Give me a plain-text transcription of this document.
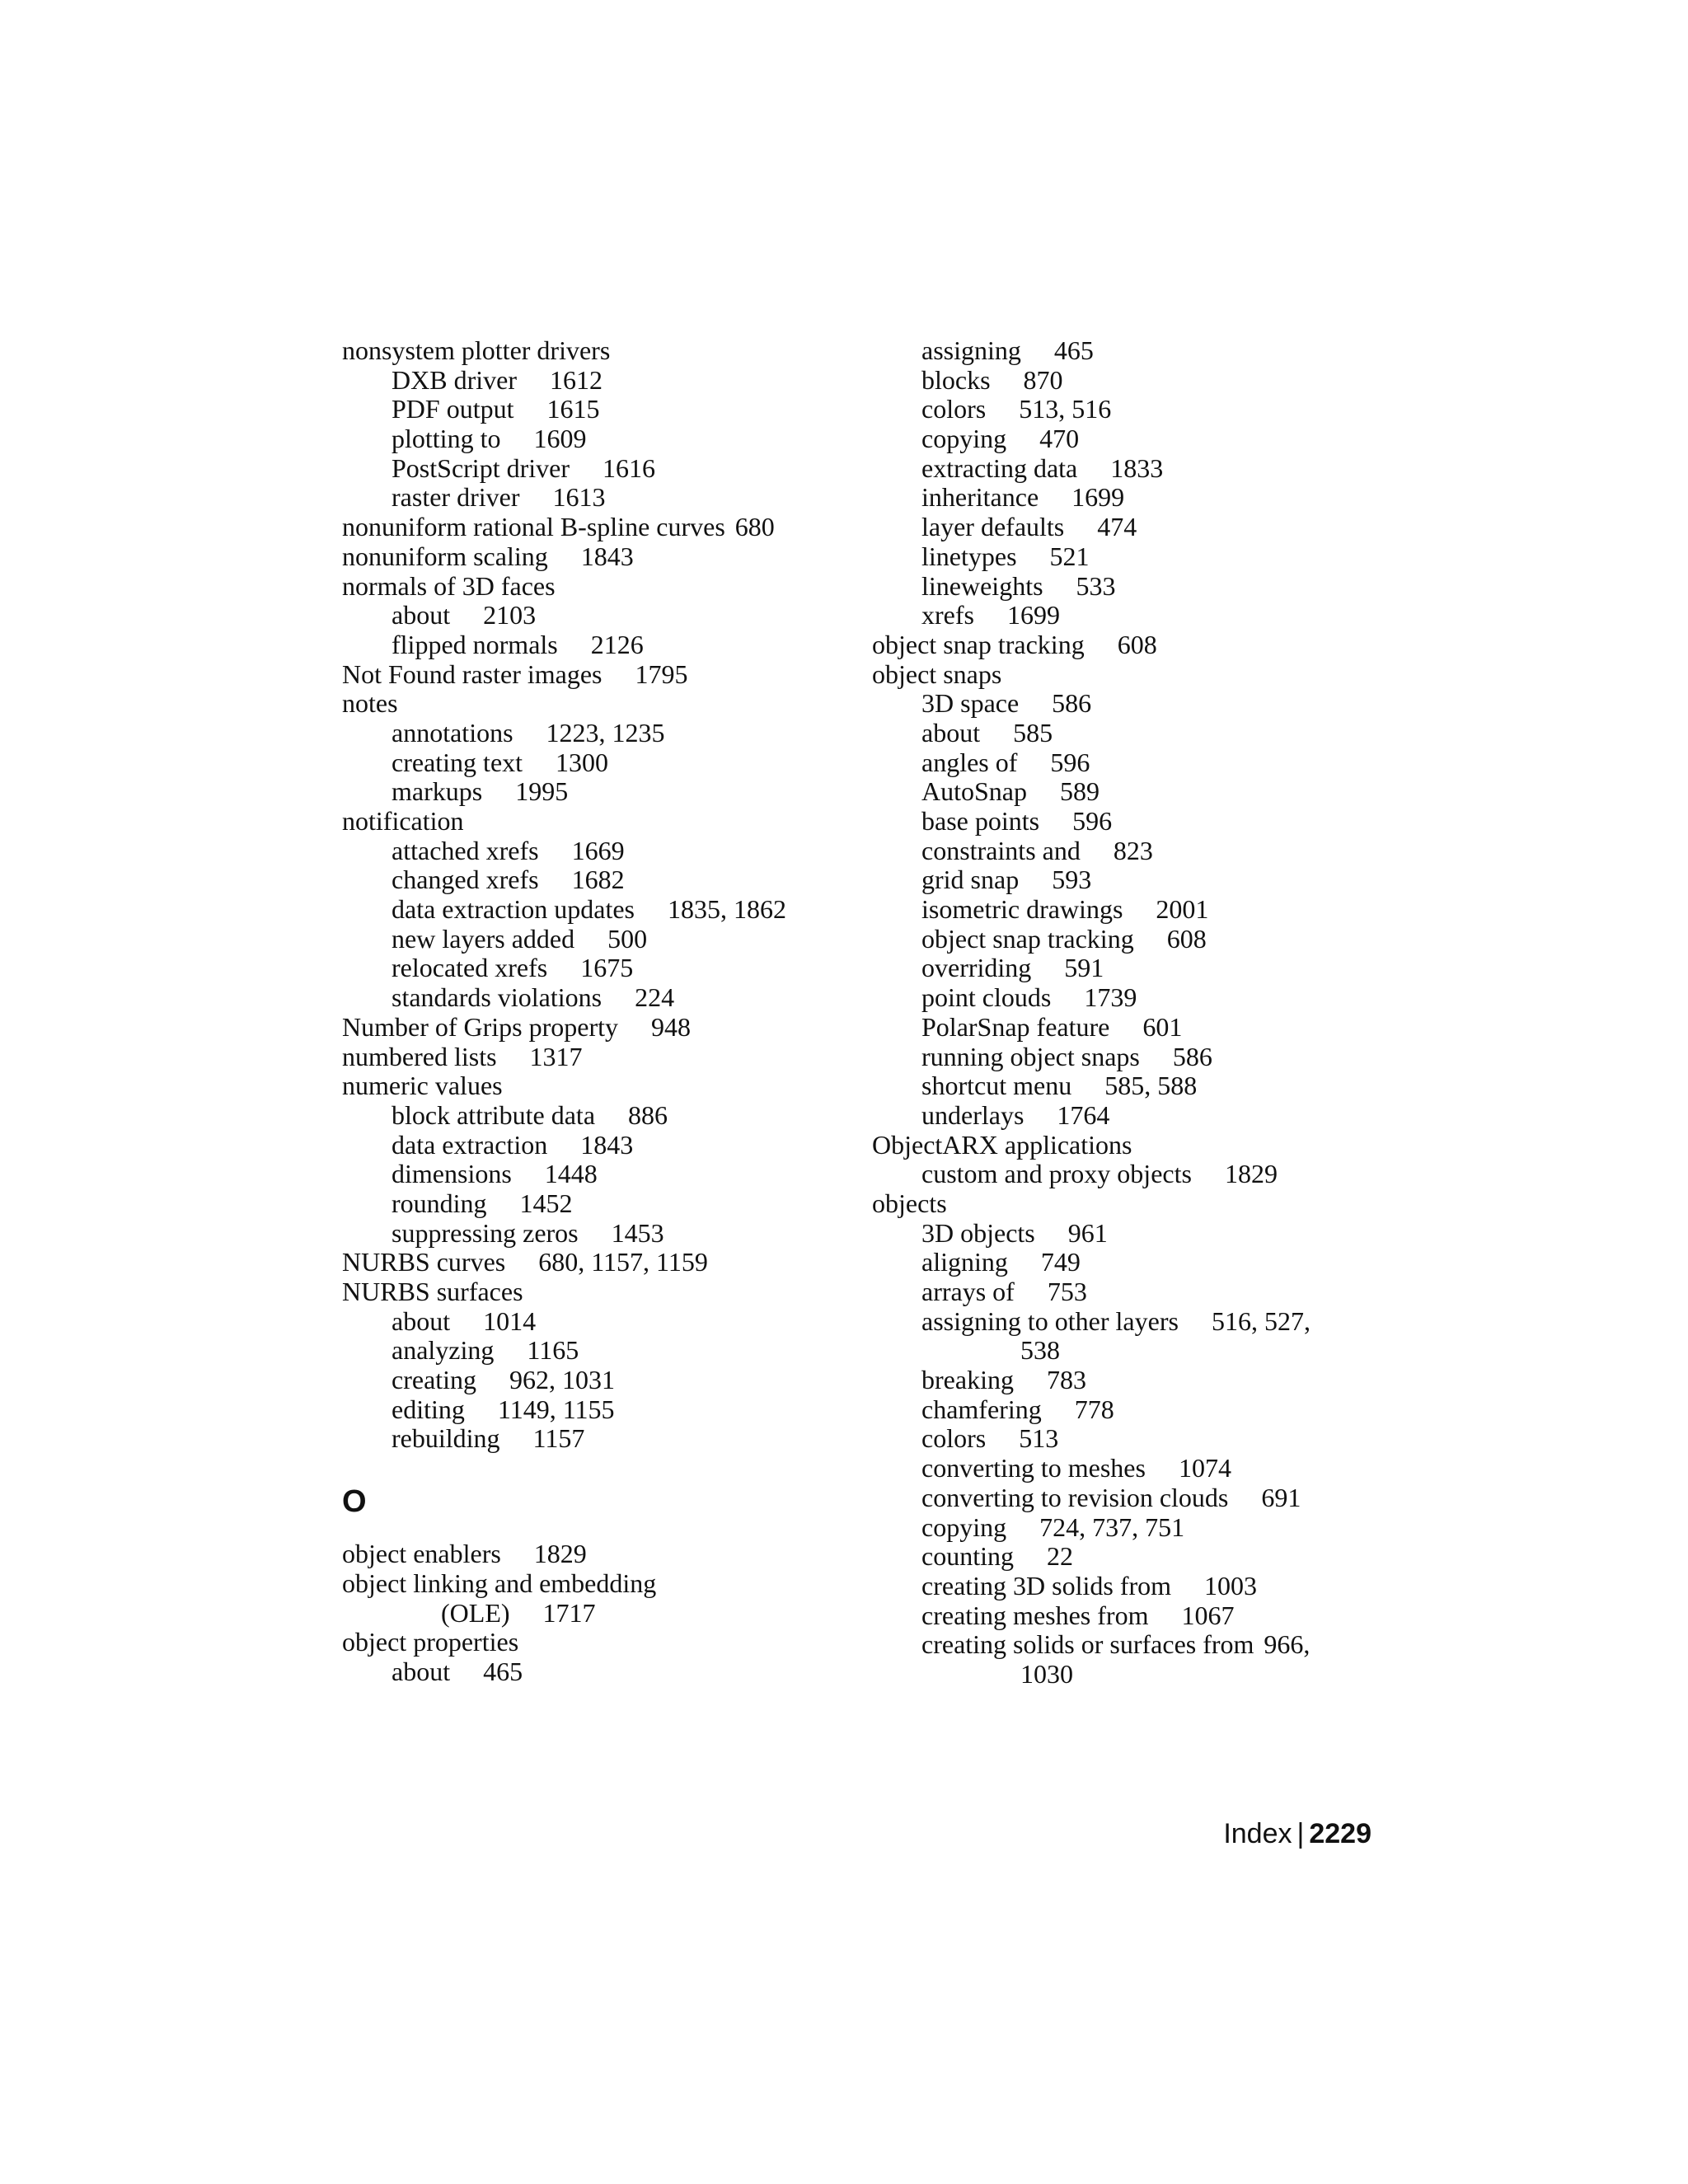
nonsystem plotter drivers
DXB driver 1612
PDF output 1615
plotting to 1609
PostScript driver 1616
raster driver 1613
nonuniform rational B-spline curves 680
nonuniform scaling 1843
normals of 3D faces
about 2103
flipped normals 2126
Not Found raster images 1795
notes
annotations 1223, 1235
creating text 1300
markups 1995
notification
attached xrefs 1669
changed xrefs 1682
data extraction updates 1835, 1862
new layers added 500
relocated xrefs 1675
standards violations 224
Number of Grips property 948
numbered lists 1317
numeric values
block attribute data 886
data extraction 1843
dimensions 1448
rounding 1452
suppressing zeros 1453
NURBS curves 680, 1157, 1159
NURBS surfaces
about 1014
analyzing 1165
creating 962, 1031
editing 1149, 1155
rebuilding 1157
O
object enablers 1829
object linking and embedding
(OLE) 1717
object properties
about 465
assigning 465
blocks 870
colors 513, 516
copying 470
extracting data 1833
inheritance 1699
layer defaults 474
linetypes 521
lineweights 533
xrefs 1699
object snap tracking 608
object snaps
3D space 586
about 585
angles of 596
AutoSnap 589
base points 596
constraints and 823
grid snap 593
isometric drawings 2001
object snap tracking 608
overriding 591
point clouds 1739
PolarSnap feature 601
running object snaps 586
shortcut menu 585, 588
underlays 1764
ObjectARX applications
custom and proxy objects 1829
objects
3D objects 961
aligning 749
arrays of 753
assigning to other layers 516, 527,
538
breaking 783
chamfering 778
colors 513
converting to meshes 1074
converting to revision clouds 691
copying 724, 737, 751
counting 22
creating 3D solids from 1003
creating meshes from 1067
creating solids or surfaces from 966,
1030
Index | 2229
